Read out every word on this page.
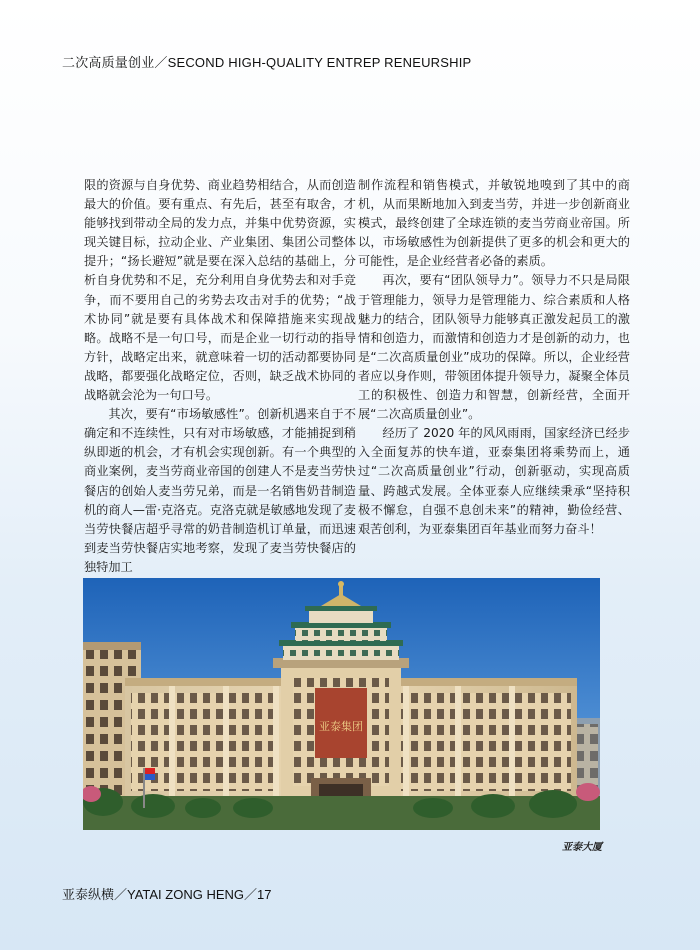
二次高质量创业／SECOND HIGH-QUALITY ENTREP RENEURSHIP

限的资源与自身优势、商业趋势相结合，从而创造最大的价值。要有重点、有先后，甚至有取舍，才能够找到带动全局的发力点，并集中优势资源，实现关键目标，拉动企业、产业集团、集团公司整体提升；“扬长避短”就是要在深入总结的基础上，分析自身优势和不足，充分利用自身优势去和对手竞争，而不要用自己的劣势去攻击对手的优势；“战术协同”就是要有具体战术和保障措施来实现战略。战略不是一句口号，而是企业一切行动的指导方针，战略定出来，就意味着一切的活动都要协同战略，都要强化战略定位，否则，缺乏战术协同的战略就会沦为一句口号。

其次，要有“市场敏感性”。创新机遇来自于不确定和不连续性，只有对市场敏感，才能捕捉到稍纵即逝的机会，才有机会实现创新。有一个典型的商业案例，麦当劳商业帝国的创建人不是麦当劳快餐店的创始人麦当劳兄弟，而是一名销售奶昔制造机的商人—雷·克洛克。克洛克就是敏感地发现了麦当劳快餐店超乎寻常的奶昔制造机订单量，而迅速到麦当劳快餐店实地考察，发现了麦当劳快餐店的独特加工

制作流程和销售模式，并敏锐地嗅到了其中的商机，从而果断地加入到麦当劳，并进一步创新商业模式，最终创建了全球连锁的麦当劳商业帝国。所以，市场敏感性为创新提供了更多的机会和更大的可能性，是企业经营者必备的素质。

再次，要有“团队领导力”。领导力不只是局限于管理能力，领导力是管理能力、综合素质和人格魅力的结合，团队领导力能够真正激发起员工的激情和创造力，而激情和创造力才是创新的动力，也是“二次高质量创业”成功的保障。所以，企业经营者应以身作则，带领团体提升领导力，凝聚全体员工的积极性、创造力和智慧，创新经营，全面开展“二次高质量创业”。

经历了 2020 年的风风雨雨，国家经济已经步入全面复苏的快车道，亚泰集团将乘势而上，通过“二次高质量创业”行动，创新驱动，实现高质量、跨越式发展。全体亚泰人应继续秉承“坚持积极不懈怠，自强不息创未来”的精神，勤俭经营、艰苦创利，为亚泰集团百年基业而努力奋斗！

亚泰集团
亚泰大厦
亚泰纵横／YATAI ZONG HENG／17
